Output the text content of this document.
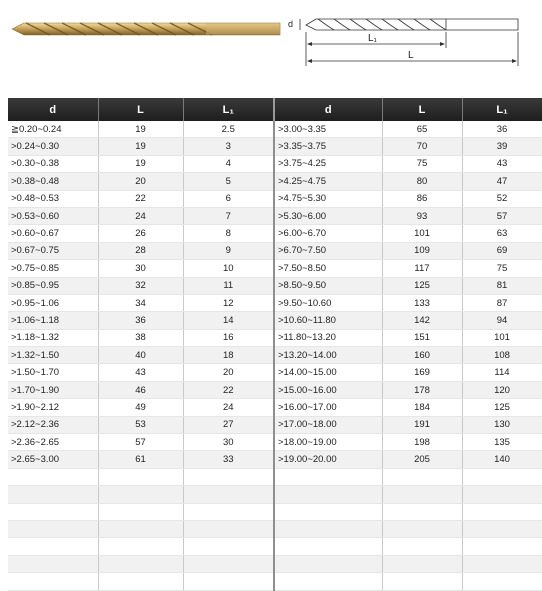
d
L₁
L
d	L	L₁	d	L	L₁
≧0.20~0.24	19	2.5	>3.00~3.35	65	36
>0.24~0.30	19	3	>3.35~3.75	70	39
>0.30~0.38	19	4	>3.75~4.25	75	43
>0.38~0.48	20	5	>4.25~4.75	80	47
>0.48~0.53	22	6	>4.75~5.30	86	52
>0.53~0.60	24	7	>5.30~6.00	93	57
>0.60~0.67	26	8	>6.00~6.70	101	63
>0.67~0.75	28	9	>6.70~7.50	109	69
>0.75~0.85	30	10	>7.50~8.50	117	75
>0.85~0.95	32	11	>8.50~9.50	125	81
>0.95~1.06	34	12	>9.50~10.60	133	87
>1.06~1.18	36	14	>10.60~11.80	142	94
>1.18~1.32	38	16	>11.80~13.20	151	101
>1.32~1.50	40	18	>13.20~14.00	160	108
>1.50~1.70	43	20	>14.00~15.00	169	114
>1.70~1.90	46	22	>15.00~16.00	178	120
>1.90~2.12	49	24	>16.00~17.00	184	125
>2.12~2.36	53	27	>17.00~18.00	191	130
>2.36~2.65	57	30	>18.00~19.00	198	135
>2.65~3.00	61	33	>19.00~20.00	205	140
